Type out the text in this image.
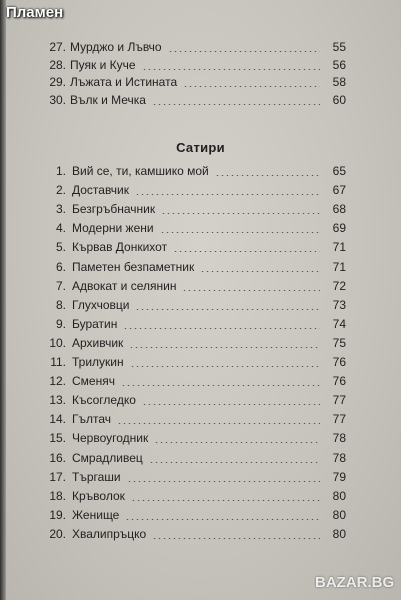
Пламен
27. Мурджо и Лъвчо	55
28. Пуяк и Куче	56
29. Лъжата и Истината	58
30. Вълк и Мечка	60
Сатири
1. Вий се, ти, камшико мой	65
2. Доставчик	67
3. Безгръбначник	68
4. Модерни жени	69
5. Кървав Донкихот	71
6. Паметен безпаметник	71
7. Адвокат и селянин	72
8. Глухчовци	73
9. Буратин	74
10. Архивчик	75
11. Трилукин	76
12. Сменяч	76
13. Късогледко	77
14. Гълтач	77
15. Червоугодник	78
16. Смрадливец	78
17. Търгаши	79
18. Кръволок	80
19. Женище	80
20. Хвалипръцко	80
BAZAR.BG
